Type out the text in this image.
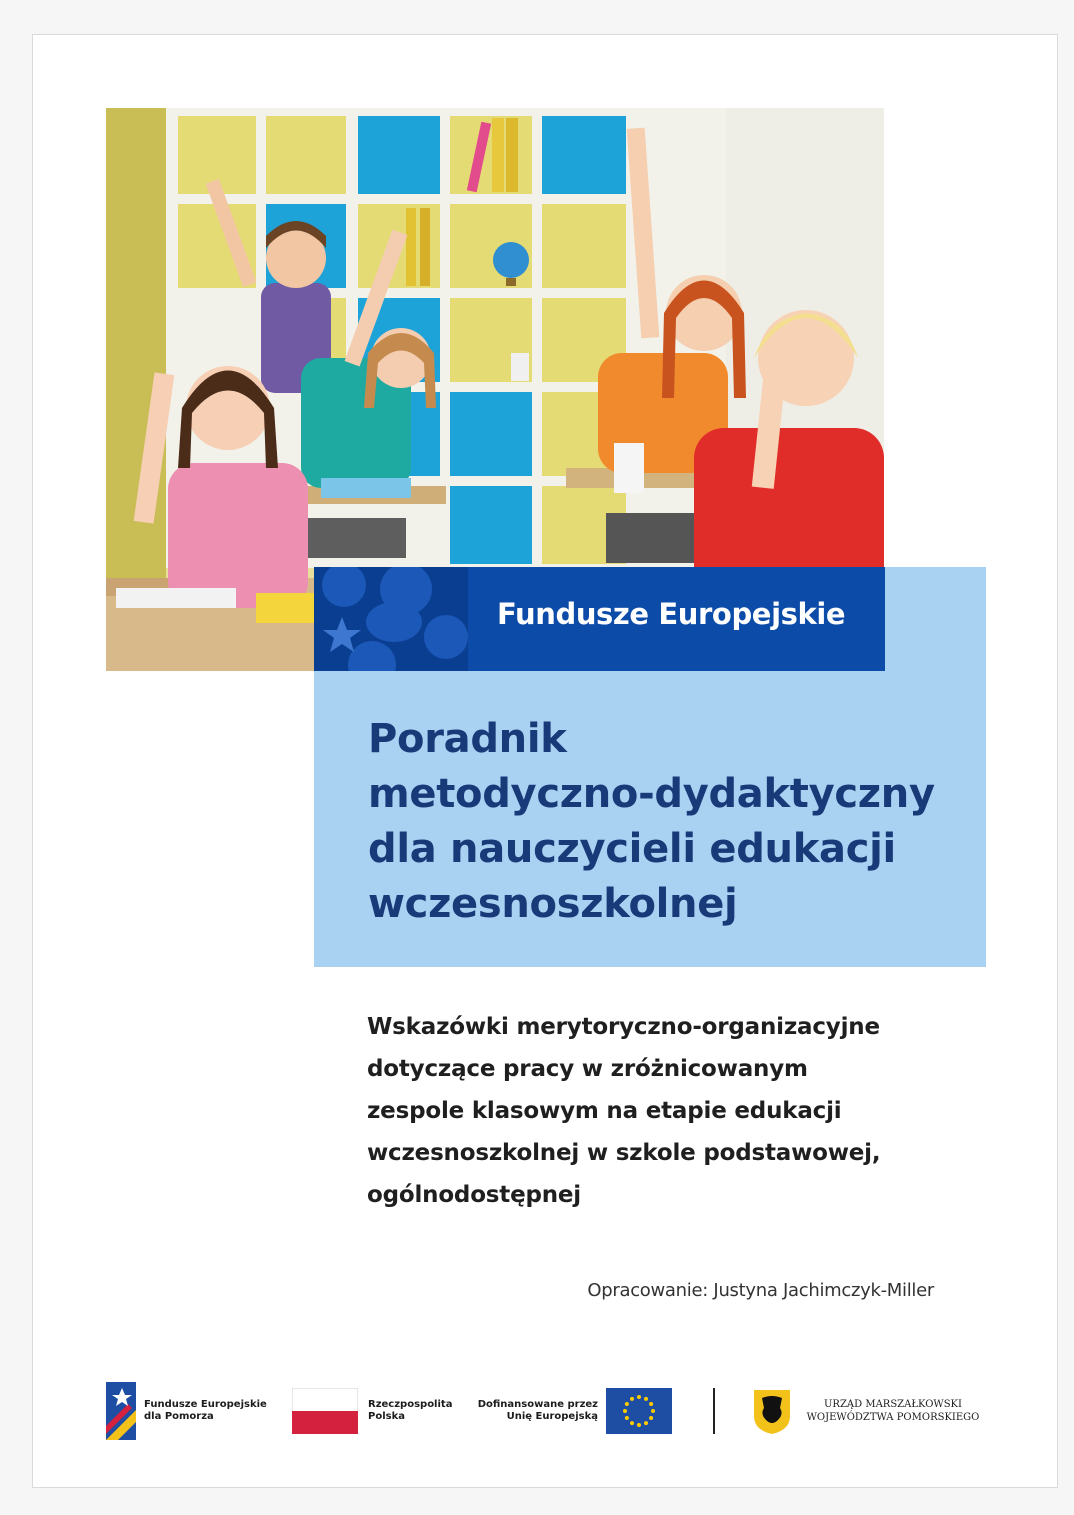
Fundusze Europejskie
Poradnik
metodyczno-dydaktyczny
dla nauczycieli edukacji
wczesnoszkolnej

Wskazówki merytoryczno-organizacyjne
dotyczące pracy w zróżnicowanym
zespole klasowym na etapie edukacji
wczesnoszkolnej w szkole podstawowej,
ogólnodostępnej

Opracowanie: Justyna Jachimczyk-Miller
Fundusze Europejskie
dla Pomorza
Rzeczpospolita
Polska
Dofinansowane przez
Unię Europejską
URZĄD MARSZAŁKOWSKI
WOJEWÓDZTWA POMORSKIEGO
